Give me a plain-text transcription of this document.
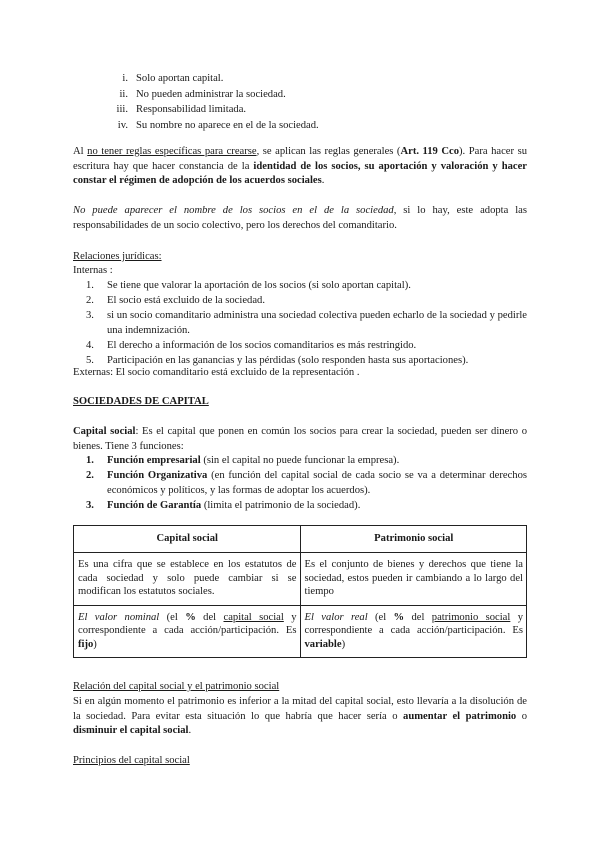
i. Solo aportan capital.
ii. No pueden administrar la sociedad.
iii. Responsabilidad limitada.
iv. Su nombre no aparece en el de la sociedad.

Al no tener reglas específicas para crearse, se aplican las reglas generales (Art. 119 Cco). Para hacer su escritura hay que hacer constancia de la identidad de los socios, su aportación y valoración y hacer constar el régimen de adopción de los acuerdos sociales.

No puede aparecer el nombre de los socios en el de la sociedad, si lo hay, este adopta las responsabilidades de un socio colectivo, pero los derechos del comanditario.

Relaciones jurídicas:
Internas :
1.	Se tiene que valorar la aportación de los socios (si solo aportan capital).
2.	El socio está excluido de la sociedad.
3.	si un socio comanditario administra una sociedad colectiva pueden echarlo de la sociedad y pedirle una indemnización.
4.	El derecho a información de los socios comanditarios es más restringido.
5.	Participación en las ganancias y las pérdidas (solo responden hasta sus aportaciones).
Externas: El socio comanditario está excluido de la representación .
SOCIEDADES DE CAPITAL

Capital social: Es el capital que ponen en común los socios para crear la sociedad, pueden ser dinero o bienes. Tiene 3 funciones:

1.	Función empresarial (sin el capital no puede funcionar la empresa).
2.	Función Organizativa (en función del capital social de cada socio se va a determinar derechos económicos y políticos, y las formas de adoptar los acuerdos).
3.	Función de Garantía (limita el patrimonio de la sociedad).
Capital social	Patrimonio social
Es una cifra que se establece en los estatutos de cada sociedad y solo puede cambiar si se modifican los estatutos sociales.	Es el conjunto de bienes y derechos que tiene la sociedad, estos pueden ir cambiando a lo largo del tiempo
El valor nominal (el % del capital social y correspondiente a cada acción/participación. Es fijo)	El valor real (el % del patrimonio social y correspondiente a cada acción/participación. Es variable)
Relación del capital social y el patrimonio social

Si en algún momento el patrimonio es inferior a la mitad del capital social, esto llevaría a la disolución de la sociedad. Para evitar esta situación lo que habría que hacer sería o aumentar el patrimonio o disminuir el capital social.

Principios del capital social
